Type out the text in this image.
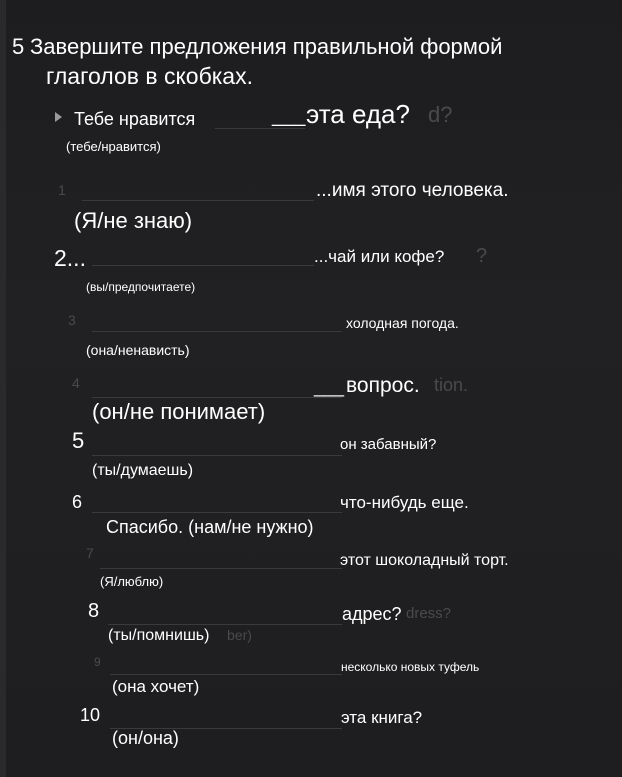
5 Завершите предложения правильной формой
глаголов в скобках.
Тебе нравится	___ эта еда? d?
(тебе/нравится)
1	...имя этого человека.
(Я/не знаю)
2...	...чай или кофе? ?
(вы/предпочитаете)
3	холодная погода.
(она/ненависть)
4	___ вопрос. tion.
(он/не понимает)
5	он забавный?
(ты/думаешь)
6	что-нибудь еще.
Спасибо. (нам/не нужно)
7	этот шоколадный торт.
(Я/люблю)
8	адрес? dress?
(ты/помнишь) ber)
9	несколько новых туфель
(она хочет)
10	эта книга?
(он/она)
